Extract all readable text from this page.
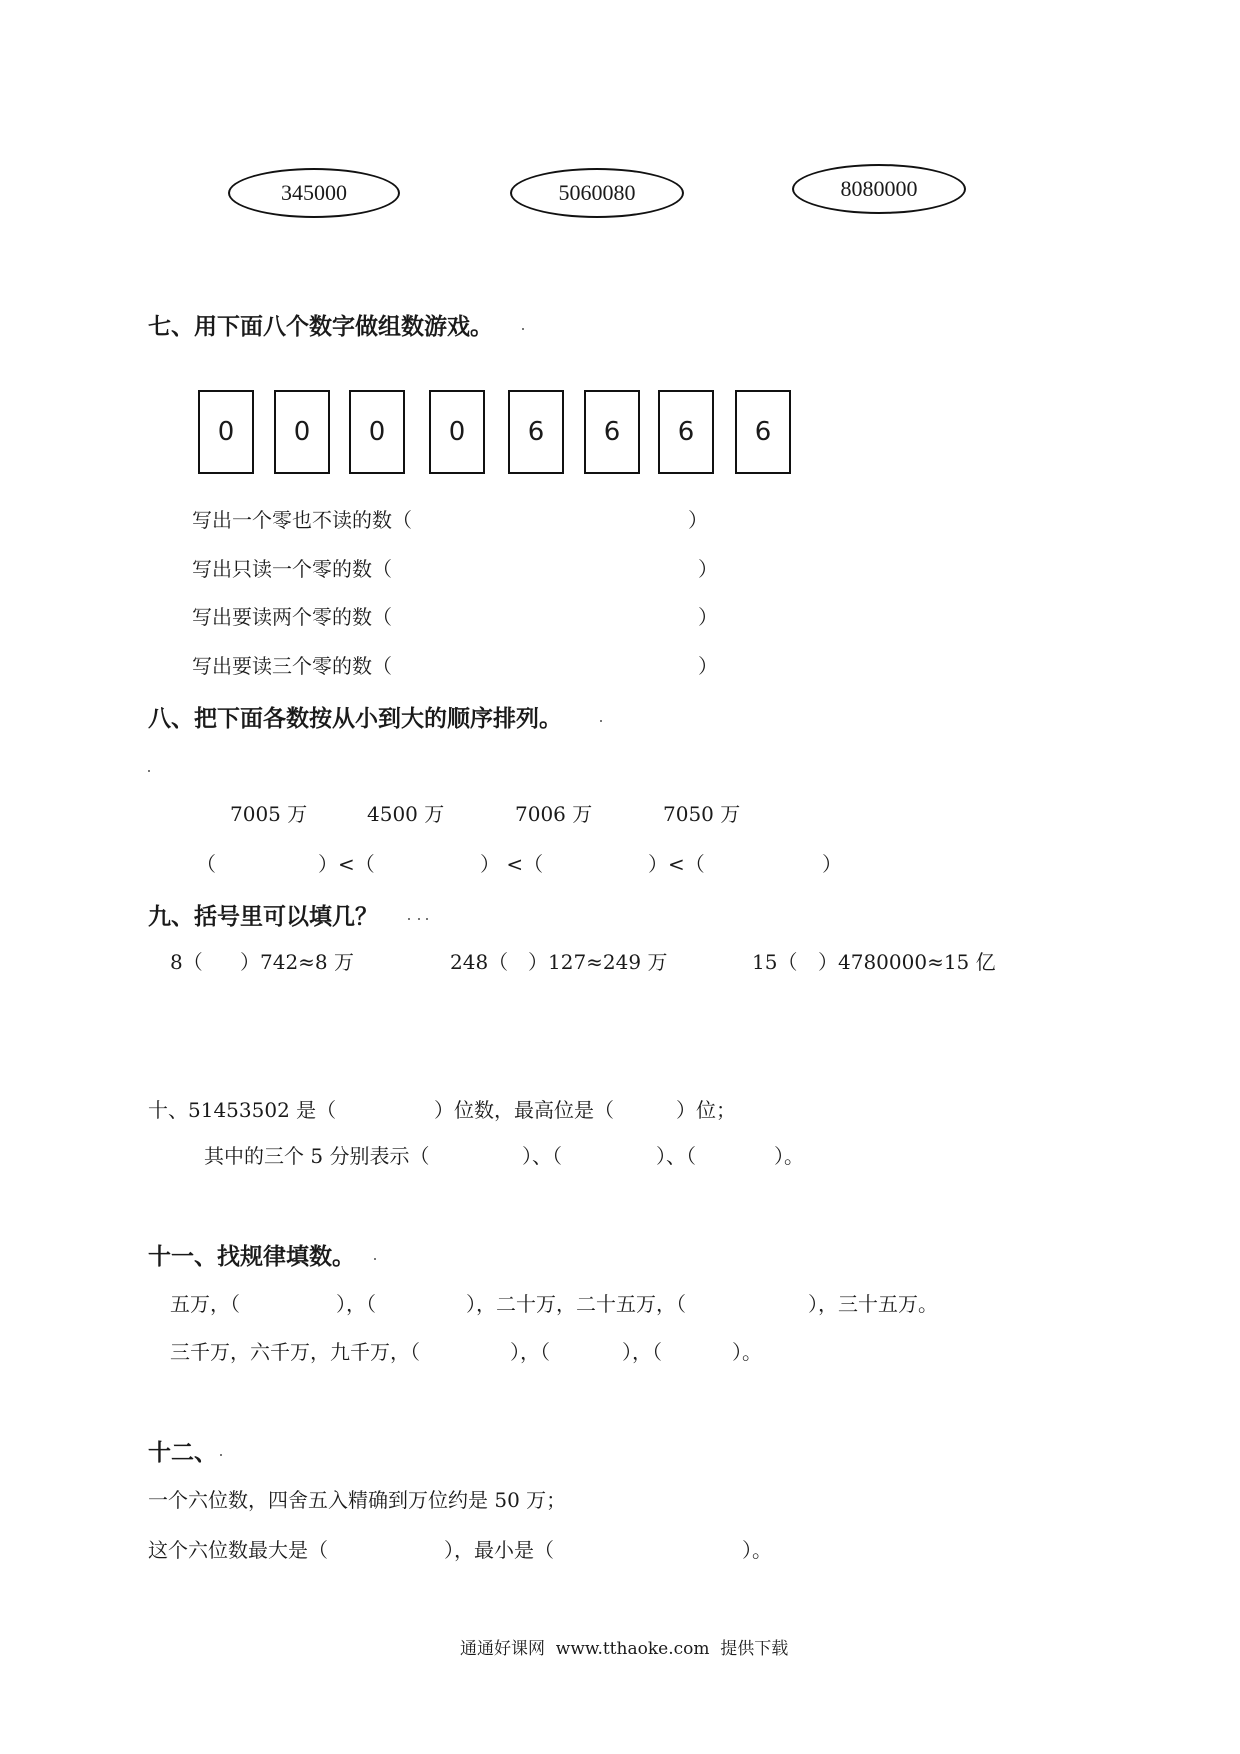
345000	5060080	8080000
七、用下面八个数字做组数游戏。
0	0	0	0	6	6	6	6
写出一个零也不读的数（	）
写出只读一个零的数（	）
写出要读两个零的数（	）
写出要读三个零的数（	）
八、把下面各数按从小到大的顺序排列。
7005 万	4500 万	7006 万	7050 万
（	）<（	） <（	）<（	）
九、括号里可以填几？
8（ ）742≈8 万	248（ ）127≈249 万	15（ ）4780000≈15 亿
十、51453502 是（	）位数，最高位是（	）位；
其中的三个 5 分别表示（	）、（	）、（	）。
十一、找规律填数。
五万，（	），（	），二十万，二十五万，（	），三十五万。
三千万，六千万，九千万，（	），（	），（	）。
十二、
一个六位数，四舍五入精确到万位约是 50 万；
这个六位数最大是（	），最小是（	）。
通通好课网  www.tthaoke.com  提供下载
